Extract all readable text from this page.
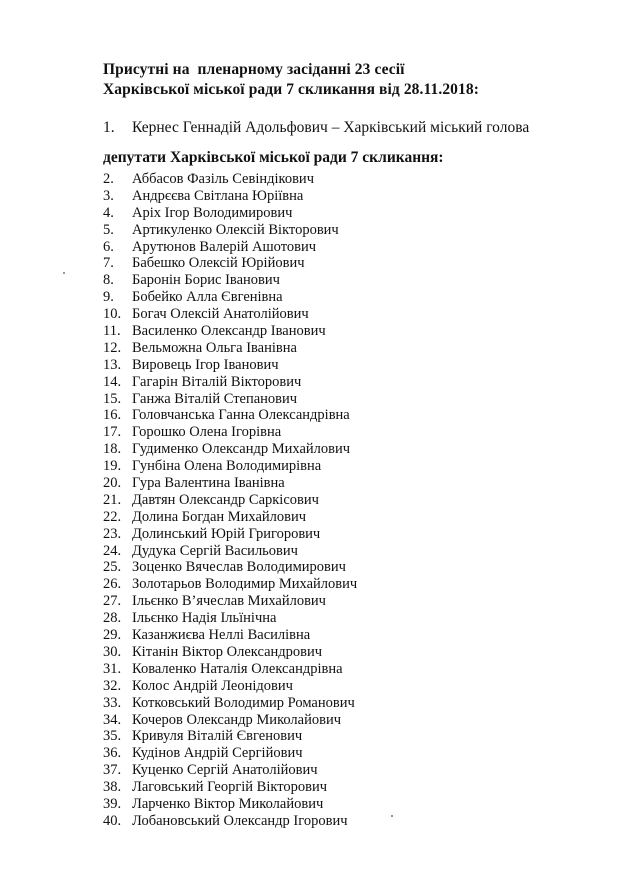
Присутні на  пленарному засіданні 23 сесії
Харківської міської ради 7 скликання від 28.11.2018:
1. Кернес Геннадій Адольфович – Харківський міський голова
депутати Харківської міської ради 7 скликання:
2. Аббасов Фазіль Севіндікович
3. Андрєєва Світлана Юріївна
4. Аріх Ігор Володимирович
5. Артикуленко Олексій Вікторович
6. Арутюнов Валерій Ашотович
7. Бабешко Олексій Юрійович
8. Баронін Борис Іванович
9. Бобейко Алла Євгенівна
10. Богач Олексій Анатолійович
11. Василенко Олександр Іванович
12. Вельможна Ольга Іванівна
13. Вировець Ігор Іванович
14. Гагарін Віталій Вікторович
15. Ганжа Віталій Степанович
16. Головчанська Ганна Олександрівна
17. Горошко Олена Ігорівна
18. Гудименко Олександр Михайлович
19. Гунбіна Олена Володимирівна
20. Гура Валентина Іванівна
21. Давтян Олександр Саркісович
22. Долина Богдан Михайлович
23. Долинський Юрій Григорович
24. Дудука Сергій Васильович
25. Зоценко Вячеслав Володимирович
26. Золотарьов Володимир Михайлович
27. Ільєнко В’ячеслав Михайлович
28. Ільєнко Надія Ільїнічна
29. Казанжиєва Неллі Василівна
30. Кітанін Віктор Олександрович
31. Коваленко Наталія Олександрівна
32. Колос Андрій Леонідович
33. Котковський Володимир Романович
34. Кочеров Олександр Миколайович
35. Кривуля Віталій Євгенович
36. Кудінов Андрій Сергійович
37. Куценко Сергій Анатолійович
38. Лаговський Георгій Вікторович
39. Ларченко Віктор Миколайович
40. Лобановський Олександр Ігорович
